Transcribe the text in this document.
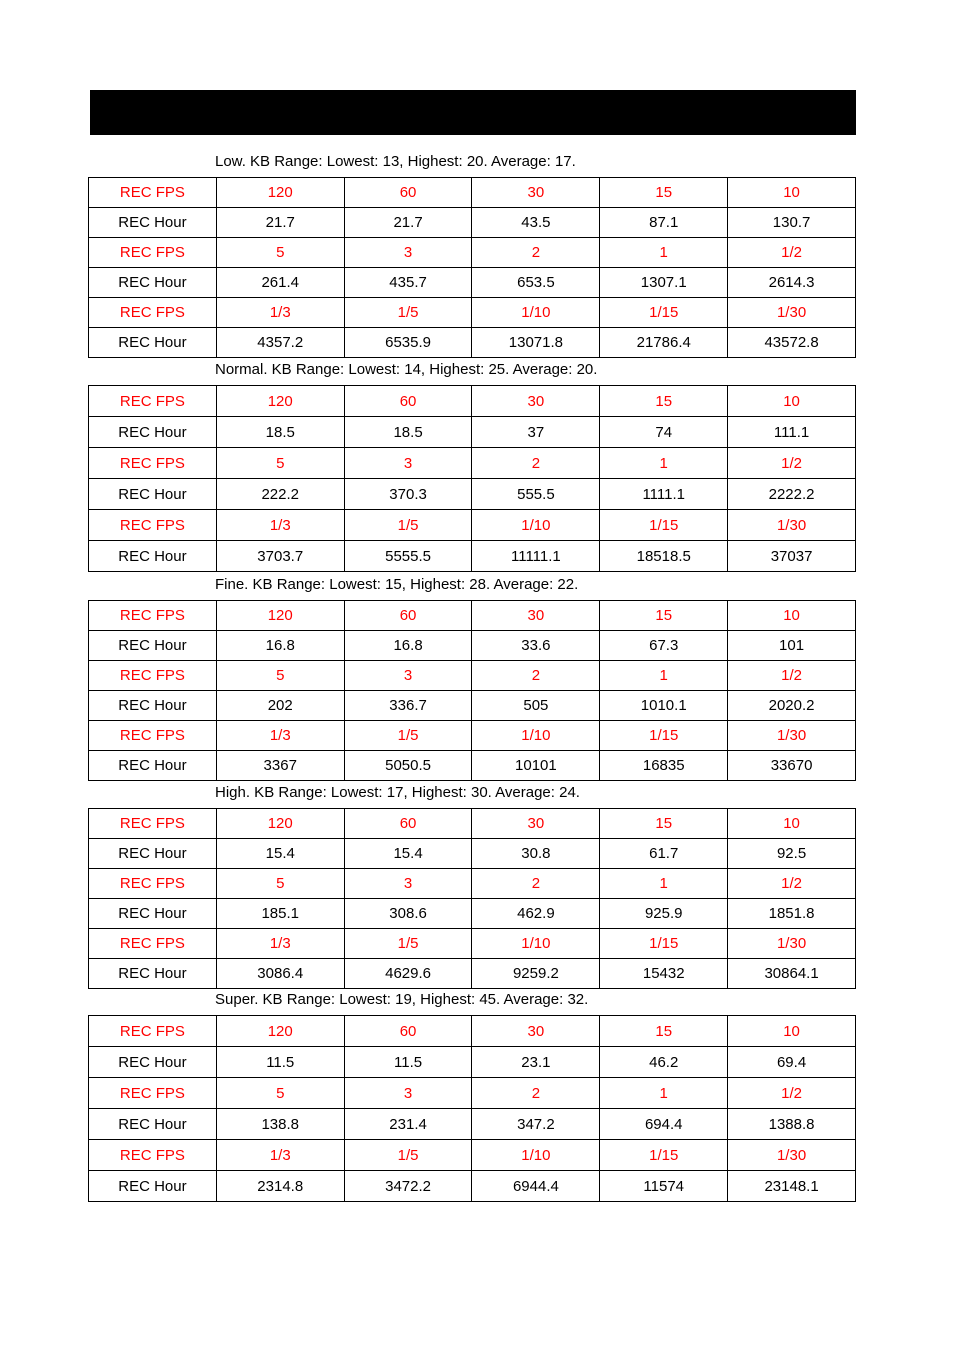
Low. KB Range: Lowest: 13, Highest: 20. Average: 17.
REC FPS	120	60	30	15	10
REC Hour	21.7	21.7	43.5	87.1	130.7
REC FPS	5	3	2	1	1/2
REC Hour	261.4	435.7	653.5	1307.1	2614.3
REC FPS	1/3	1/5	1/10	1/15	1/30
REC Hour	4357.2	6535.9	13071.8	21786.4	43572.8
Normal. KB Range: Lowest: 14, Highest: 25. Average: 20.
REC FPS	120	60	30	15	10
REC Hour	18.5	18.5	37	74	111.1
REC FPS	5	3	2	1	1/2
REC Hour	222.2	370.3	555.5	1111.1	2222.2
REC FPS	1/3	1/5	1/10	1/15	1/30
REC Hour	3703.7	5555.5	11111.1	18518.5	37037
Fine. KB Range: Lowest: 15, Highest: 28. Average: 22.
REC FPS	120	60	30	15	10
REC Hour	16.8	16.8	33.6	67.3	101
REC FPS	5	3	2	1	1/2
REC Hour	202	336.7	505	1010.1	2020.2
REC FPS	1/3	1/5	1/10	1/15	1/30
REC Hour	3367	5050.5	10101	16835	33670
High. KB Range: Lowest: 17, Highest: 30. Average: 24.
REC FPS	120	60	30	15	10
REC Hour	15.4	15.4	30.8	61.7	92.5
REC FPS	5	3	2	1	1/2
REC Hour	185.1	308.6	462.9	925.9	1851.8
REC FPS	1/3	1/5	1/10	1/15	1/30
REC Hour	3086.4	4629.6	9259.2	15432	30864.1
Super. KB Range: Lowest: 19, Highest: 45. Average: 32.
REC FPS	120	60	30	15	10
REC Hour	11.5	11.5	23.1	46.2	69.4
REC FPS	5	3	2	1	1/2
REC Hour	138.8	231.4	347.2	694.4	1388.8
REC FPS	1/3	1/5	1/10	1/15	1/30
REC Hour	2314.8	3472.2	6944.4	11574	23148.1
